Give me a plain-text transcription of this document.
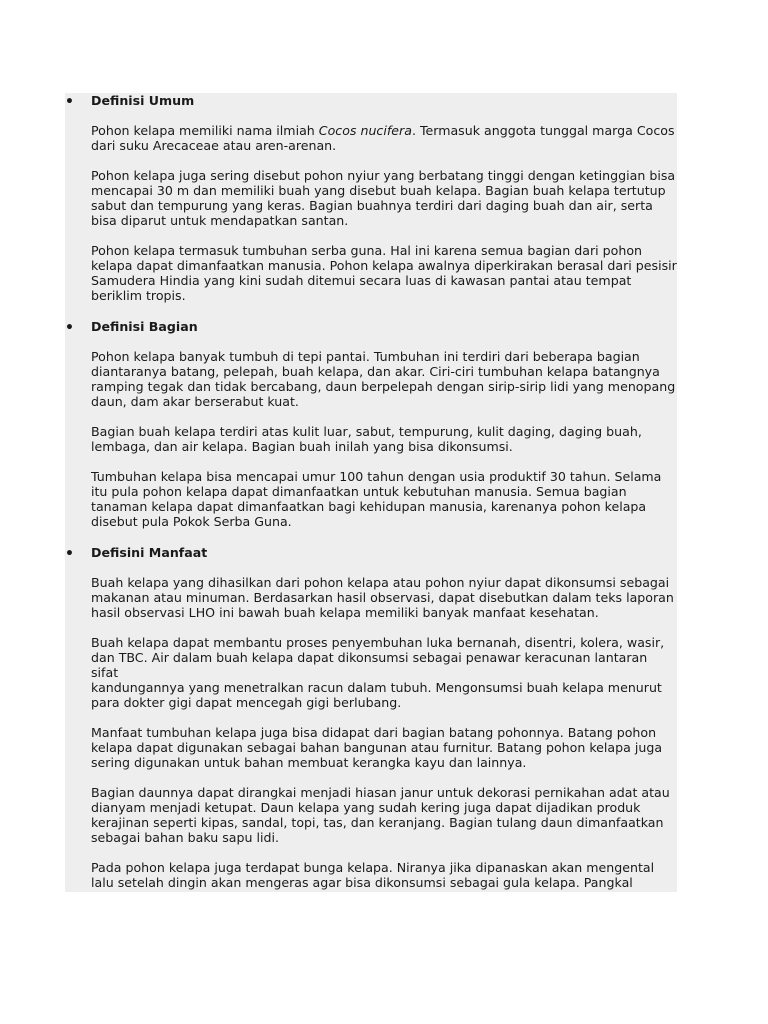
• Definisi Umum

Pohon kelapa memiliki nama ilmiah Cocos nucifera. Termasuk anggota tunggal marga Cocos
dari suku Arecaceae atau aren-arenan.

Pohon kelapa juga sering disebut pohon nyiur yang berbatang tinggi dengan ketinggian bisa
mencapai 30 m dan memiliki buah yang disebut buah kelapa. Bagian buah kelapa tertutup
sabut dan tempurung yang keras. Bagian buahnya terdiri dari daging buah dan air, serta
bisa diparut untuk mendapatkan santan.

Pohon kelapa termasuk tumbuhan serba guna. Hal ini karena semua bagian dari pohon
kelapa dapat dimanfaatkan manusia. Pohon kelapa awalnya diperkirakan berasal dari pesisir
Samudera Hindia yang kini sudah ditemui secara luas di kawasan pantai atau tempat
beriklim tropis.

• Definisi Bagian

Pohon kelapa banyak tumbuh di tepi pantai. Tumbuhan ini terdiri dari beberapa bagian
diantaranya batang, pelepah, buah kelapa, dan akar. Ciri-ciri tumbuhan kelapa batangnya
ramping tegak dan tidak bercabang, daun berpelepah dengan sirip-sirip lidi yang menopang
daun, dam akar berserabut kuat.

Bagian buah kelapa terdiri atas kulit luar, sabut, tempurung, kulit daging, daging buah,
lembaga, dan air kelapa. Bagian buah inilah yang bisa dikonsumsi.

Tumbuhan kelapa bisa mencapai umur 100 tahun dengan usia produktif 30 tahun. Selama
itu pula pohon kelapa dapat dimanfaatkan untuk kebutuhan manusia. Semua bagian
tanaman kelapa dapat dimanfaatkan bagi kehidupan manusia, karenanya pohon kelapa
disebut pula Pokok Serba Guna.

• Defisini Manfaat

Buah kelapa yang dihasilkan dari pohon kelapa atau pohon nyiur dapat dikonsumsi sebagai
makanan atau minuman. Berdasarkan hasil observasi, dapat disebutkan dalam teks laporan
hasil observasi LHO ini bawah buah kelapa memiliki banyak manfaat kesehatan.

Buah kelapa dapat membantu proses penyembuhan luka bernanah, disentri, kolera, wasir,
dan TBC. Air dalam buah kelapa dapat dikonsumsi sebagai penawar keracunan lantaran sifat
kandungannya yang menetralkan racun dalam tubuh. Mengonsumsi buah kelapa menurut
para dokter gigi dapat mencegah gigi berlubang.

Manfaat tumbuhan kelapa juga bisa didapat dari bagian batang pohonnya. Batang pohon
kelapa dapat digunakan sebagai bahan bangunan atau furnitur. Batang pohon kelapa juga
sering digunakan untuk bahan membuat kerangka kayu dan lainnya.

Bagian daunnya dapat dirangkai menjadi hiasan janur untuk dekorasi pernikahan adat atau
dianyam menjadi ketupat. Daun kelapa yang sudah kering juga dapat dijadikan produk
kerajinan seperti kipas, sandal, topi, tas, dan keranjang. Bagian tulang daun dimanfaatkan
sebagai bahan baku sapu lidi.

Pada pohon kelapa juga terdapat bunga kelapa. Niranya jika dipanaskan akan mengental
lalu setelah dingin akan mengeras agar bisa dikonsumsi sebagai gula kelapa. Pangkal
